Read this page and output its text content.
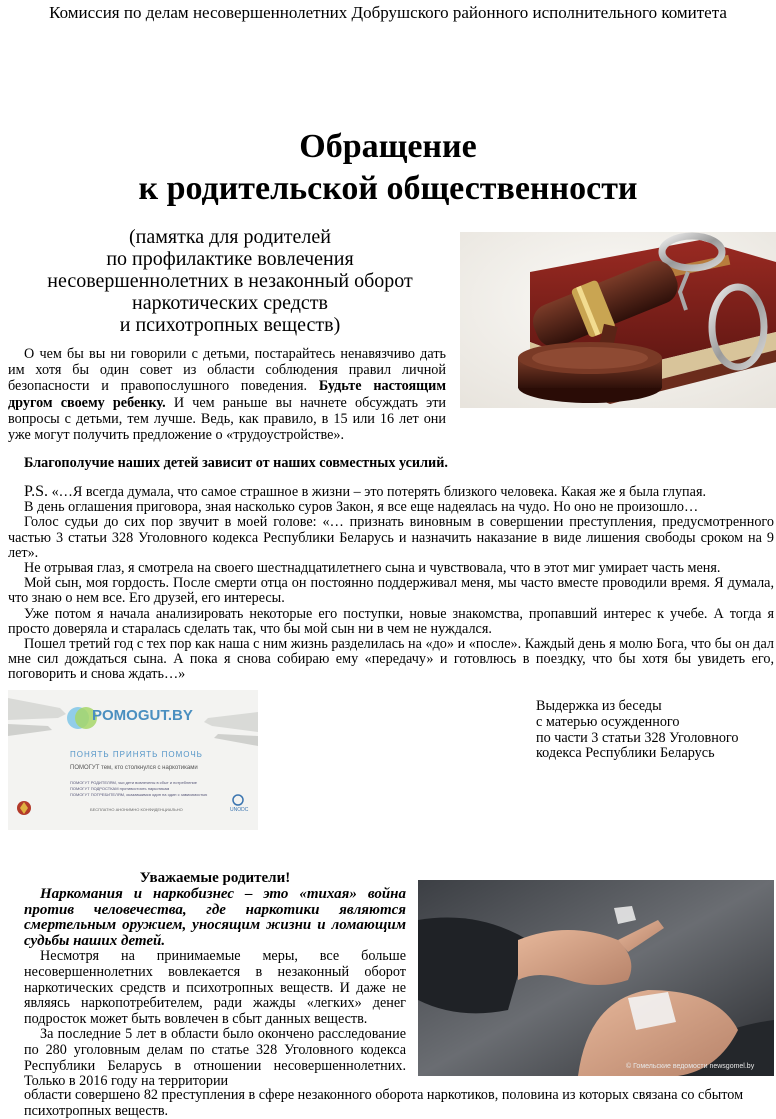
Комиссия по делам несовершеннолетних Добрушского районного исполнительного комитета
Обращение
к родительской общественности
(памятка для родителей
по профилактике вовлечения
несовершеннолетних в незаконный оборот
наркотических средств
и психотропных веществ)

О чем бы вы ни говорили с детьми, постарайтесь ненавязчиво дать им хотя бы один совет из области соблюдения правил личной безопасности и правопослушного поведения. Будьте настоящим другом своему ребенку. И чем раньше вы начнете обсуждать эти вопросы с детьми, тем лучше. Ведь, как правило, в 15 или 16 лет они уже могут получить предложение о «трудоустройстве».

Благополучие наших детей зависит от наших совместных усилий.

P.S. «…Я всегда думала, что самое страшное в жизни – это потерять близкого человека. Какая же я была глупая.

В день оглашения приговора, зная насколько суров Закон, я все еще надеялась на чудо. Но оно не произошло…

Голос судьи до сих пор звучит в моей голове: «… признать виновным в совершении преступления, предусмотренного частью 3 статьи 328 Уголовного кодекса Республики Беларусь и назначить наказание в виде лишения свободы сроком на 9 лет».

Не отрывая глаз, я смотрела на своего шестнадцатилетнего сына и чувствовала, что в этот миг умирает часть меня.

Мой сын, моя гордость. После смерти отца он постоянно поддерживал меня, мы часто вместе проводили время. Я думала, что знаю о нем все. Его друзей, его интересы.

Уже потом я начала анализировать некоторые его поступки, новые знакомства, пропавший интерес к учебе. А тогда я просто доверяла и старалась сделать так, что бы мой сын ни в чем не нуждался.

Пошел третий год с тех пор как наша с ним жизнь разделилась на «до» и «после». Каждый день я молю Бога, что бы он дал мне сил дождаться сына. А пока я снова собираю ему «передачу» и готовлюсь в поездку, что бы хотя бы увидеть его, поговорить и снова ждать…»

POMOGUT.BY
ПОНЯТЬ ПРИНЯТЬ ПОМОЧЬ
ПОМОГУТ тем, кто столкнулся с наркотиками
ПОМОГУТ РОДИТЕЛЯМ, чьи дети вовлечены в сбыт и потребление
ПОМОГУТ ПОДРОСТКАМ противостоять наркотикам
ПОМОГУТ ПОТРЕБИТЕЛЯМ, оказавшимся один на один с зависимостью
БЕСПЛАТНО АНОНИМНО КОНФИДЕНЦИАЛЬНО	UNODC
Выдержка из беседы
с матерью осужденного
по части 3 статьи 328 Уголовного
кодекса Республики Беларусь
Уважаемые родители!

Наркомания и наркобизнес – это «тихая» война против человечества, где наркотики являются смертельным оружием, уносящим жизни и ломающим судьбы наших детей.

Несмотря на принимаемые меры, все больше несовершеннолетних вовлекается в незаконный оборот наркотических средств и психотропных веществ. И даже не являясь наркопотребителем, ради жажды «легких» денег подросток может быть вовлечен в сбыт данных веществ.

За последние 5 лет в области было окончено расследование по 280 уголовным делам по статье 328 Уголовного кодекса Республики Беларусь в отношении несовершеннолетних. Только в 2016 году на территории

© Гомельские ведомости newsgomel.by

области совершено 82 преступления в сфере незаконного оборота наркотиков, половина из которых связана со сбытом психотропных веществ.
